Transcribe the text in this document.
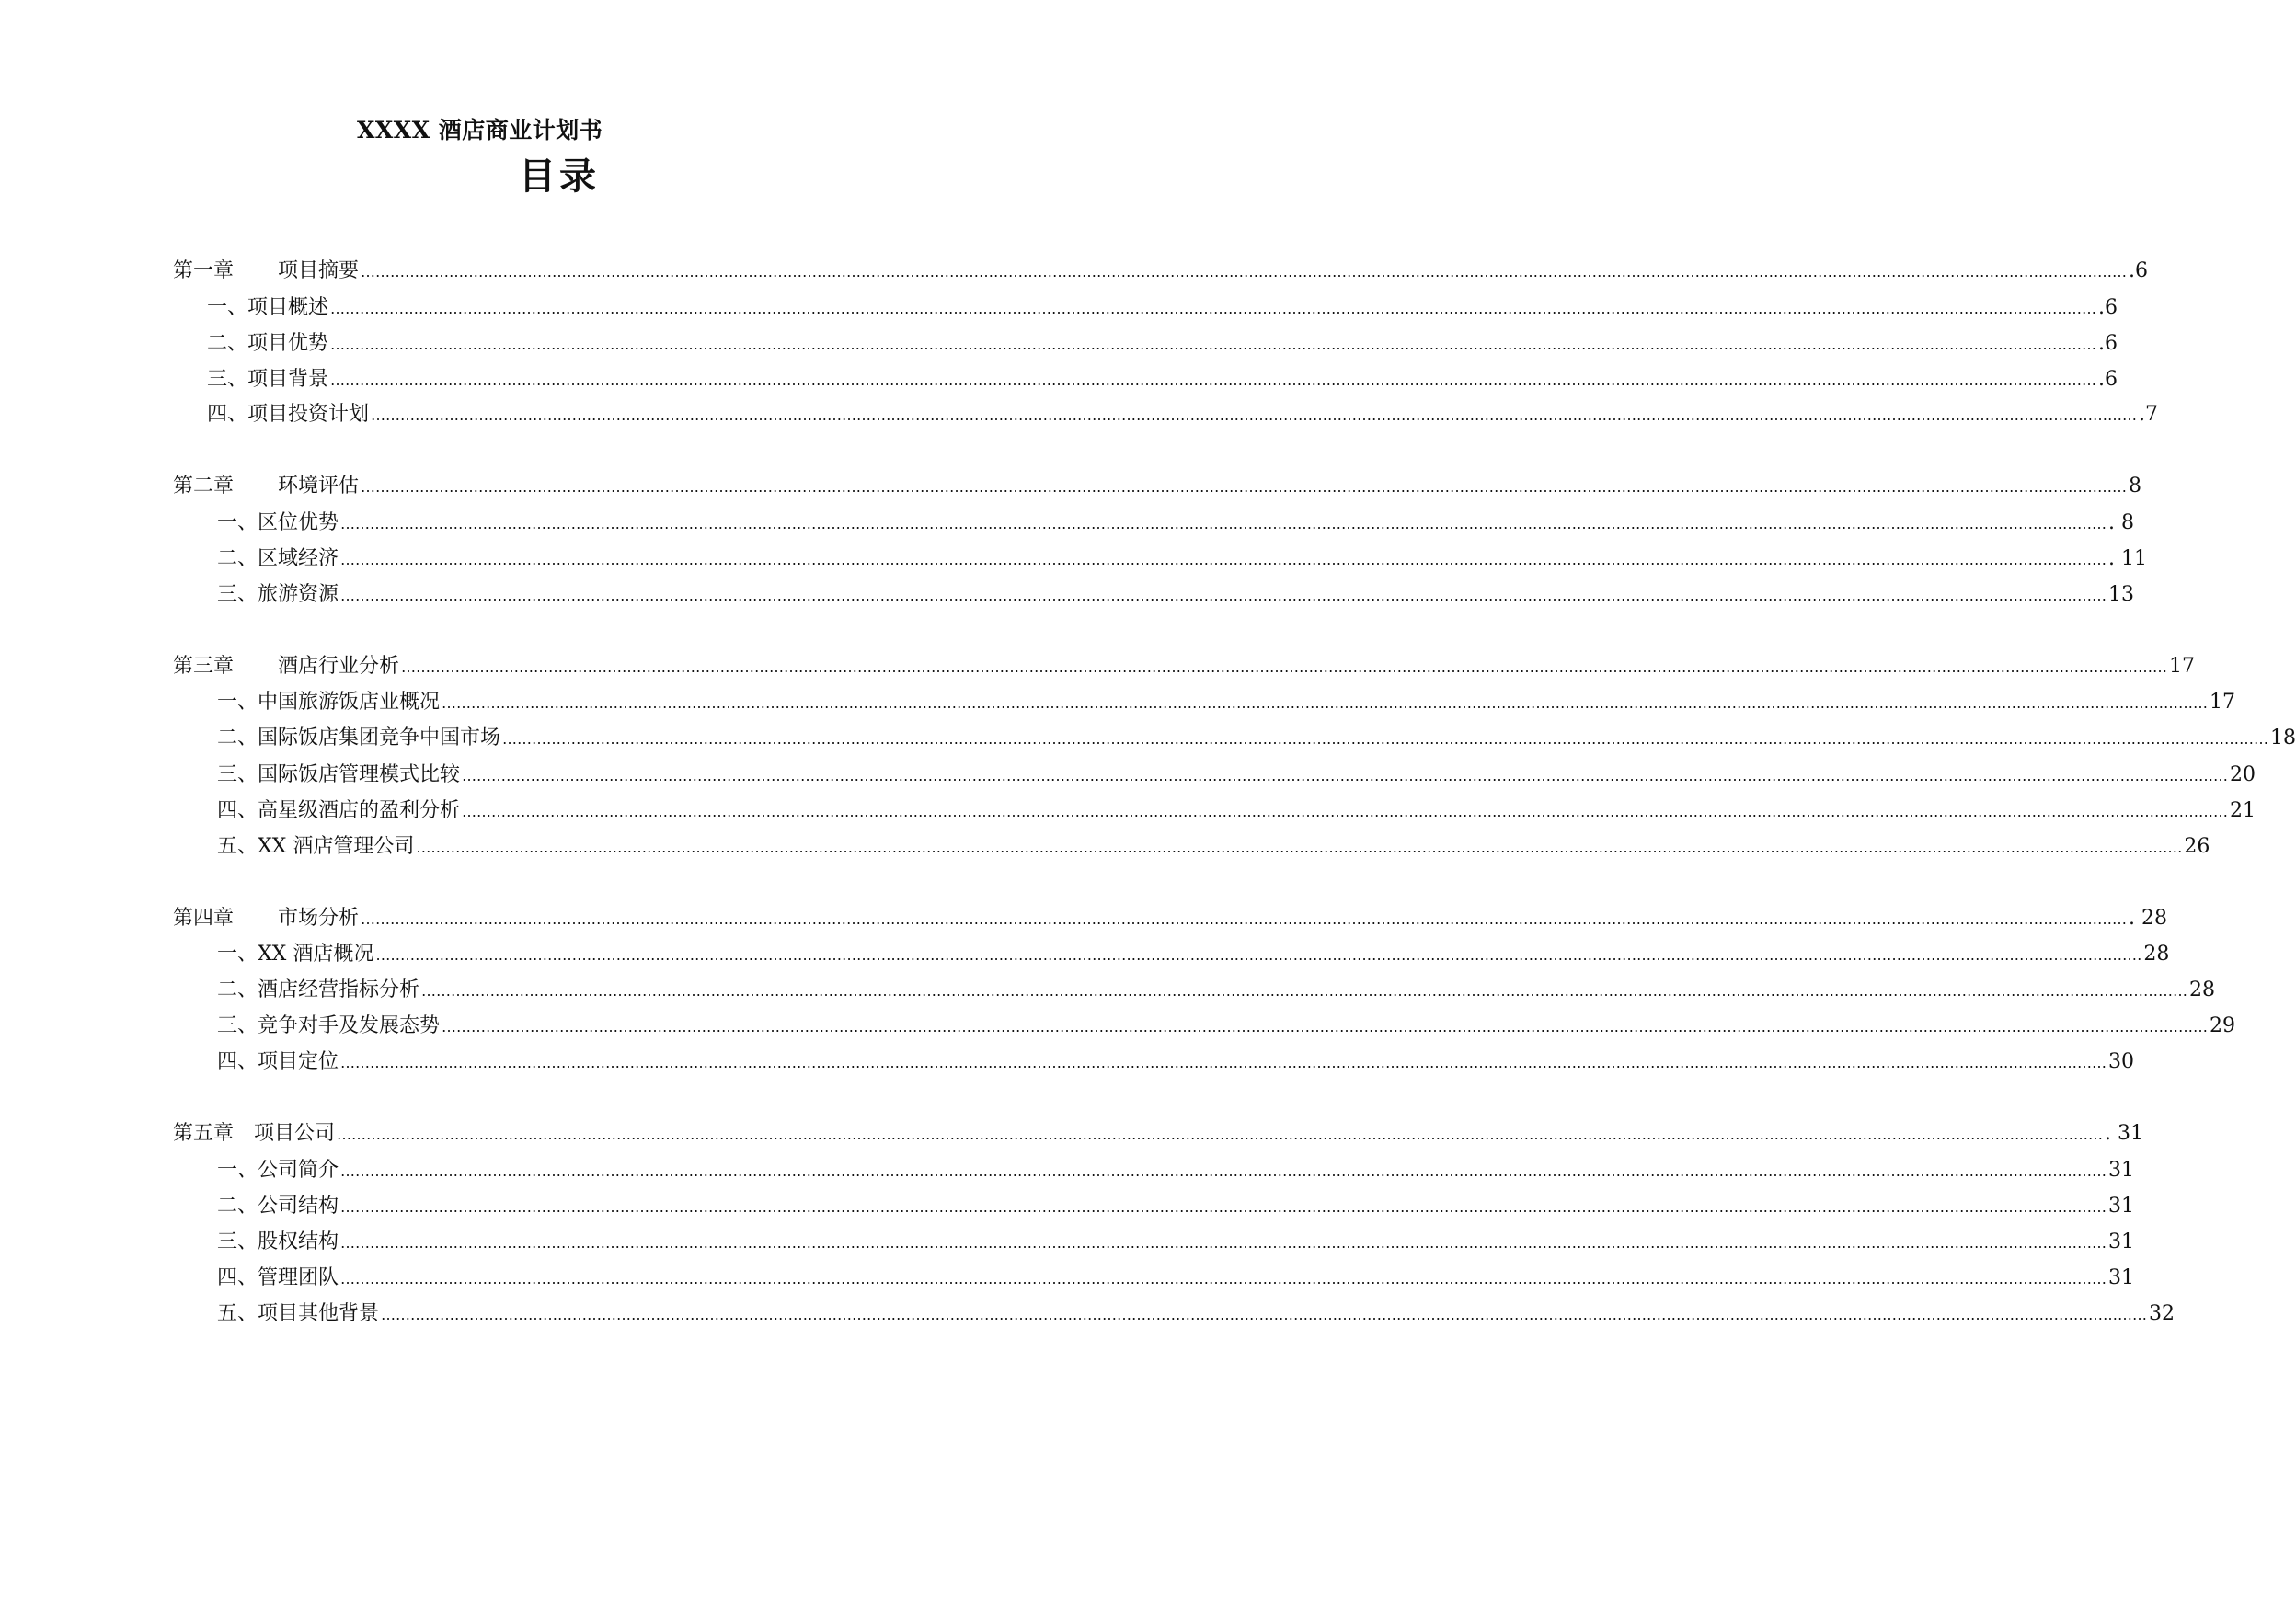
XXXX 酒店商业计划书
目录
第一章	项目摘要 ……………………………………………………………………………………………………………………………………………………………………………………………………………………………………………………………………………………………………………………………… .6
一、 项目概述 ……………………………………………………………………………………………………………………………………………………………………………………………………………………………………………………………………………………………………………………………… .6
二、 项目优势 ……………………………………………………………………………………………………………………………………………………………………………………………………………………………………………………………………………………………………………………………… .6
三、 项目背景 ……………………………………………………………………………………………………………………………………………………………………………………………………………………………………………………………………………………………………………………………… .6
四、 项目投资计划 ……………………………………………………………………………………………………………………………………………………………………………………………………………………………………………………………………………………………………………………………… .7
第二章	环境评估 ……………………………………………………………………………………………………………………………………………………………………………………………………………………………………………………………………………………………………………………………… 8
一、 区位优势 ……………………………………………………………………………………………………………………………………………………………………………………………………………………………………………………………………………………………………………………………… . 8
二、 区域经济 ……………………………………………………………………………………………………………………………………………………………………………………………………………………………………………………………………………………………………………………………… . 11
三、 旅游资源 ……………………………………………………………………………………………………………………………………………………………………………………………………………………………………………………………………………………………………………………………… 13
第三章	酒店行业分析 ……………………………………………………………………………………………………………………………………………………………………………………………………………………………………………………………………………………………………………………………… 17
一、 中国旅游饭店业概况 ……………………………………………………………………………………………………………………………………………………………………………………………………………………………………………………………………………………………………………………………… 17
二、 国际饭店集团竞争中国市场 ……………………………………………………………………………………………………………………………………………………………………………………………………………………………………………………………………………………………………………………………… 18
三、 国际饭店管理模式比较 ……………………………………………………………………………………………………………………………………………………………………………………………………………………………………………………………………………………………………………………………… 20
四、 高星级酒店的盈利分析 ……………………………………………………………………………………………………………………………………………………………………………………………………………………………………………………………………………………………………………………………… 21
五、 XX 酒店管理公司 ……………………………………………………………………………………………………………………………………………………………………………………………………………………………………………………………………………………………………………………………… 26
第四章	市场分析 ……………………………………………………………………………………………………………………………………………………………………………………………………………………………………………………………………………………………………………………………… . 28
一、 XX 酒店概况 ……………………………………………………………………………………………………………………………………………………………………………………………………………………………………………………………………………………………………………………………… 28
二、 酒店经营指标分析 ……………………………………………………………………………………………………………………………………………………………………………………………………………………………………………………………………………………………………………………………… 28
三、 竞争对手及发展态势 ……………………………………………………………………………………………………………………………………………………………………………………………………………………………………………………………………………………………………………………………… 29
四、 项目定位 ……………………………………………………………………………………………………………………………………………………………………………………………………………………………………………………………………………………………………………………………… 30
第五章 项目公司 ……………………………………………………………………………………………………………………………………………………………………………………………………………………………………………………………………………………………………………………………… . 31
一、 公司简介 ……………………………………………………………………………………………………………………………………………………………………………………………………………………………………………………………………………………………………………………………… 31
二、 公司结构 ……………………………………………………………………………………………………………………………………………………………………………………………………………………………………………………………………………………………………………………………… 31
三、 股权结构 ……………………………………………………………………………………………………………………………………………………………………………………………………………………………………………………………………………………………………………………………… 31
四、 管理团队 ……………………………………………………………………………………………………………………………………………………………………………………………………………………………………………………………………………………………………………………………… 31
五、 项目其他背景 ……………………………………………………………………………………………………………………………………………………………………………………………………………………………………………………………………………………………………………………………… 32
